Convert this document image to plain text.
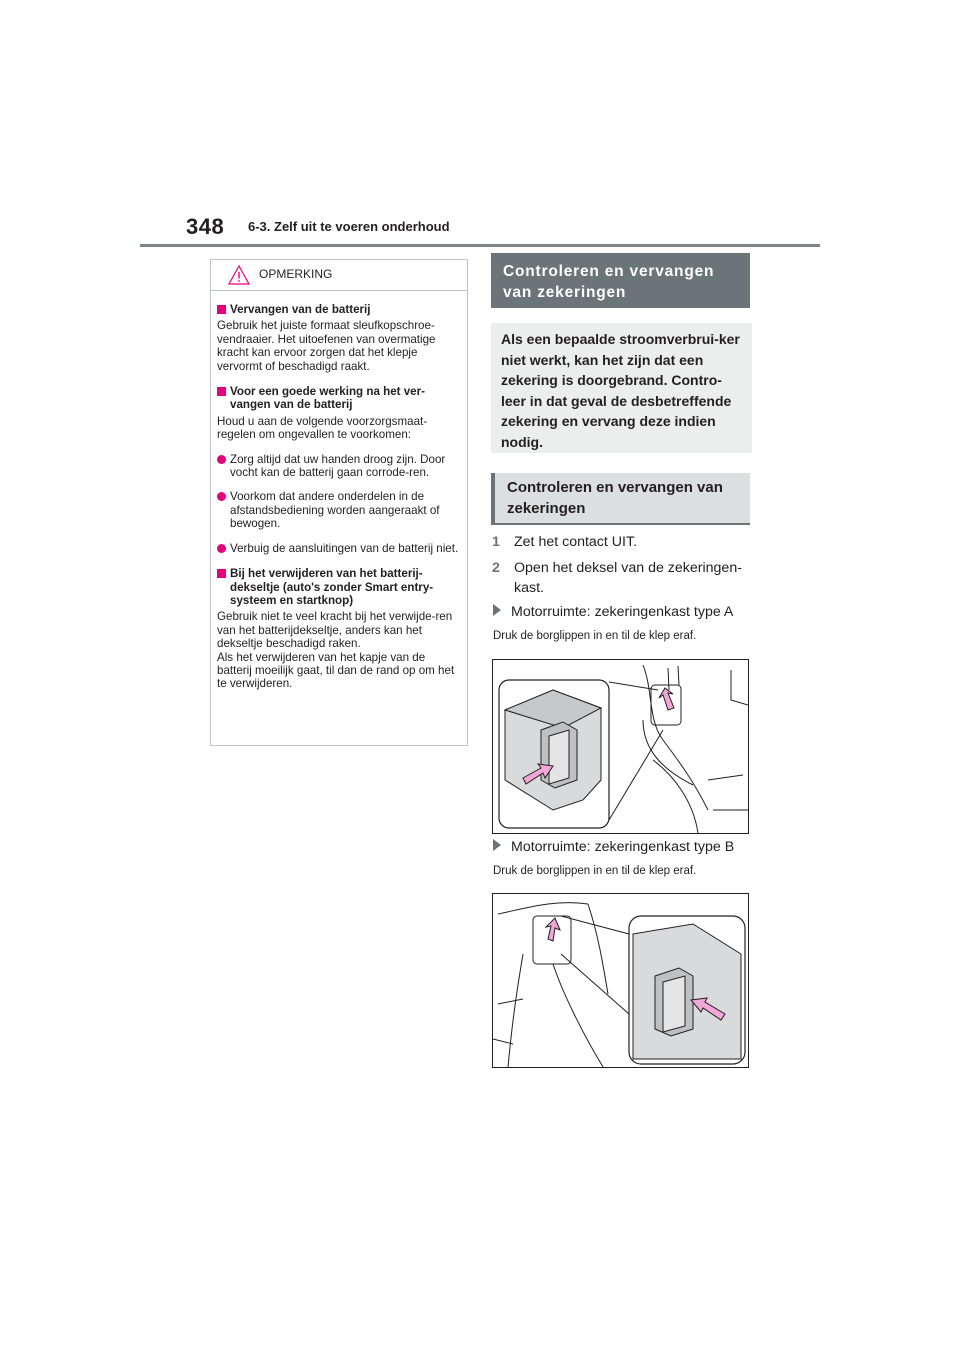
348 6-3. Zelf uit te voeren onderhoud
OPMERKING
Vervangen van de batterij
Gebruik het juiste formaat sleufkopschroe-vendraaier. Het uitoefenen van overmatige kracht kan ervoor zorgen dat het klepje vervormt of beschadigd raakt.
Voor een goede werking na het ver-vangen van de batterij
Houd u aan de volgende voorzorgsmaat-regelen om ongevallen te voorkomen:
Zorg altijd dat uw handen droog zijn. Door vocht kan de batterij gaan corrode-ren.
Voorkom dat andere onderdelen in de afstandsbediening worden aangeraakt of bewogen.
Verbuig de aansluitingen van de batterij niet.
Bij het verwijderen van het batterij-dekseltje (auto's zonder Smart entry-systeem en startknop)
Gebruik niet te veel kracht bij het verwijde-ren van het batterijdekseltje, anders kan het dekseltje beschadigd raken.
Als het verwijderen van het kapje van de batterij moeilijk gaat, til dan de rand op om het te verwijderen.
Controleren en vervangen van zekeringen
Als een bepaalde stroomverbrui-ker niet werkt, kan het zijn dat een zekering is doorgebrand. Contro-leer in dat geval de desbetreffende zekering en vervang deze indien nodig.
Controleren en vervangen van zekeringen
1 Zet het contact UIT.
2 Open het deksel van de zekeringen-kast.
Motorruimte: zekeringenkast type A
Druk de borglippen in en til de klep eraf.
Motorruimte: zekeringenkast type B
Druk de borglippen in en til de klep eraf.
